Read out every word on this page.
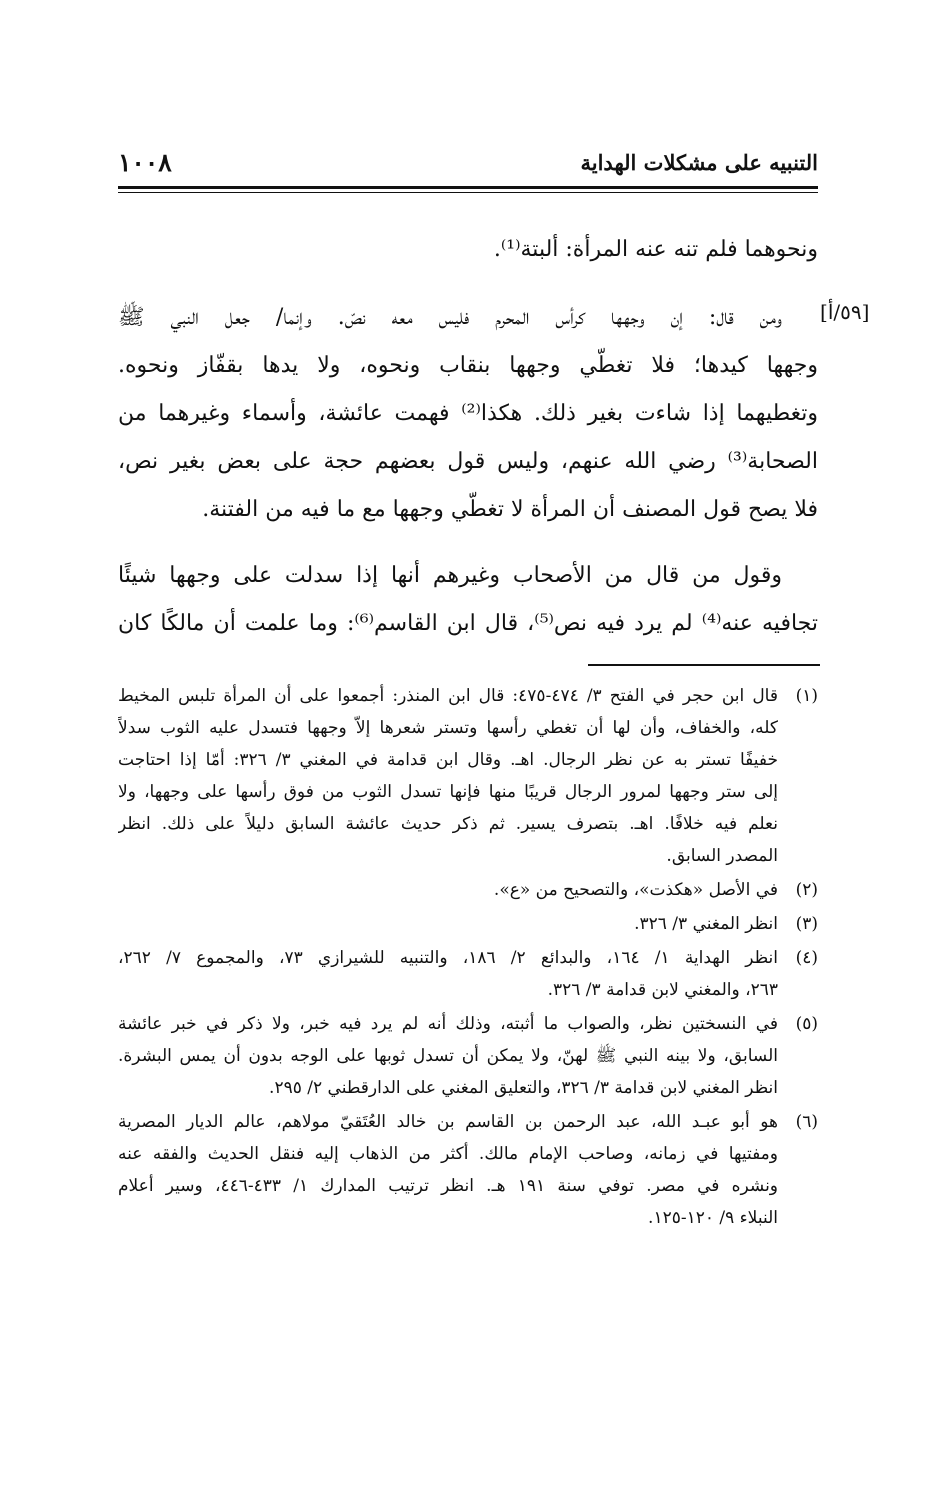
التنبيه على مشكلات الهداية
١٠٠٨
[٥٩/أ]
ونحوهما فلم تنه عنه المرأة: ألبتة⁽¹⁾.
ومن قال: إن وجهها كرأس المحرم فليس معه نصّ. وإنما/ جعل النبي ﷺ
وجهها كيدها؛ فلا تغطّي وجهها بنقاب ونحوه، ولا يدها بقفّاز ونحوه.
وتغطيهما إذا شاءت بغير ذلك. هكذا⁽²⁾ فهمت عائشة، وأسماء وغيرهما من
الصحابة⁽³⁾ رضي الله عنهم، وليس قول بعضهم حجة على بعض بغير نص،
فلا يصح قول المصنف أن المرأة لا تغطّي وجهها مع ما فيه من الفتنة.
وقول من قال من الأصحاب وغيرهم أنها إذا سدلت على وجهها شيئًا
تجافيه عنه⁽⁴⁾ لم يرد فيه نص⁽⁵⁾، قال ابن القاسم⁽⁶⁾: وما علمت أن مالكًا كان
(١)
قال ابن حجر في الفتح ٣/ ٤٧٤-٤٧٥: قال ابن المنذر: أجمعوا على أن المرأة تلبس المخيط
كله، والخفاف، وأن لها أن تغطي رأسها وتستر شعرها إلاّ وجهها فتسدل عليه الثوب سدلاً
خفيفًا تستر به عن نظر الرجال. اهـ. وقال ابن قدامة في المغني ٣/ ٣٢٦: أمّا إذا احتاجت
إلى ستر وجهها لمرور الرجال قريبًا منها فإنها تسدل الثوب من فوق رأسها على وجهها، ولا
نعلم فيه خلافًا. اهـ. بتصرف يسير. ثم ذكر حديث عائشة السابق دليلاً على ذلك. انظر
المصدر السابق.
(٢)
في الأصل «هكذت»، والتصحيح من «ع».
(٣)
انظر المغني ٣/ ٣٢٦.
(٤)
انظر الهداية ١/ ١٦٤، والبدائع ٢/ ١٨٦، والتنبيه للشيرازي ٧٣، والمجموع ٧/ ٢٦٢،
٢٦٣، والمغني لابن قدامة ٣/ ٣٢٦.
(٥)
في النسختين نظر، والصواب ما أثبته، وذلك أنه لم يرد فيه خبر، ولا ذكر في خبر عائشة
السابق، ولا بينه النبي ﷺ لهنّ، ولا يمكن أن تسدل ثوبها على الوجه بدون أن يمس البشرة.
انظر المغني لابن قدامة ٣/ ٣٢٦، والتعليق المغني على الدارقطني ٢/ ٢٩٥.
(٦)
هو أبو عبـد الله، عبد الرحمن بن القاسم بن خالد العُتَقيّ مولاهم، عالم الديار المصرية
ومفتيها في زمانه، وصاحب الإمام مالك. أكثر من الذهاب إليه فنقل الحديث والفقه عنه
ونشره في مصر. توفي سنة ١٩١ هـ. انظر ترتيب المدارك ١/ ٤٣٣-٤٤٦، وسير أعلام
النبلاء ٩/ ١٢٠-١٢٥.
